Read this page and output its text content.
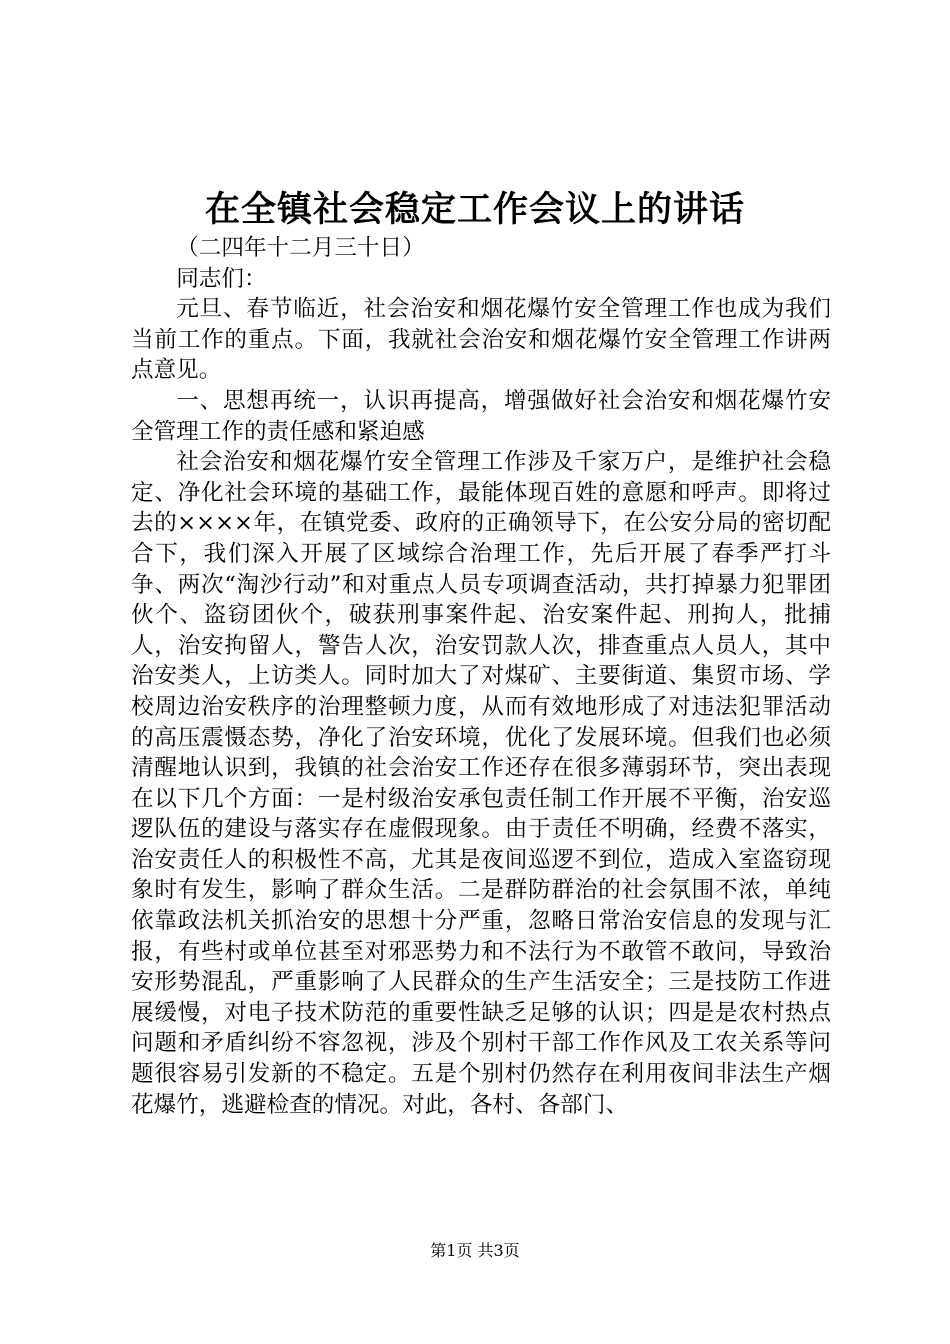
在全镇社会稳定工作会议上的讲话

（二四年十二月三十日）

同志们：

元旦、春节临近，社会治安和烟花爆竹安全管理工作也成为我们当前工作的重点。下面，我就社会治安和烟花爆竹安全管理工作讲两点意见。

一、思想再统一，认识再提高，增强做好社会治安和烟花爆竹安全管理工作的责任感和紧迫感

社会治安和烟花爆竹安全管理工作涉及千家万户，是维护社会稳定、净化社会环境的基础工作，最能体现百姓的意愿和呼声。即将过去的××××年，在镇党委、政府的正确领导下，在公安分局的密切配合下，我们深入开展了区域综合治理工作，先后开展了春季严打斗争、两次“淘沙行动”和对重点人员专项调查活动，共打掉暴力犯罪团伙个、盗窃团伙个，破获刑事案件起、治安案件起、刑拘人，批捕人，治安拘留人，警告人次，治安罚款人次，排查重点人员人，其中治安类人，上访类人。同时加大了对煤矿、主要街道、集贸市场、学校周边治安秩序的治理整顿力度，从而有效地形成了对违法犯罪活动的高压震慑态势，净化了治安环境，优化了发展环境。但我们也必须清醒地认识到，我镇的社会治安工作还存在很多薄弱环节，突出表现在以下几个方面：一是村级治安承包责任制工作开展不平衡，治安巡逻队伍的建设与落实存在虚假现象。由于责任不明确，经费不落实，治安责任人的积极性不高，尤其是夜间巡逻不到位，造成入室盗窃现象时有发生，影响了群众生活。二是群防群治的社会氛围不浓，单纯依靠政法机关抓治安的思想十分严重，忽略日常治安信息的发现与汇报，有些村或单位甚至对邪恶势力和不法行为不敢管不敢问，导致治安形势混乱，严重影响了人民群众的生产生活安全；三是技防工作进展缓慢，对电子技术防范的重要性缺乏足够的认识；四是是农村热点问题和矛盾纠纷不容忽视，涉及个别村干部工作作风及工农关系等问题很容易引发新的不稳定。五是个别村仍然存在利用夜间非法生产烟花爆竹，逃避检查的情况。对此，各村、各部门、

第1页 共3页
